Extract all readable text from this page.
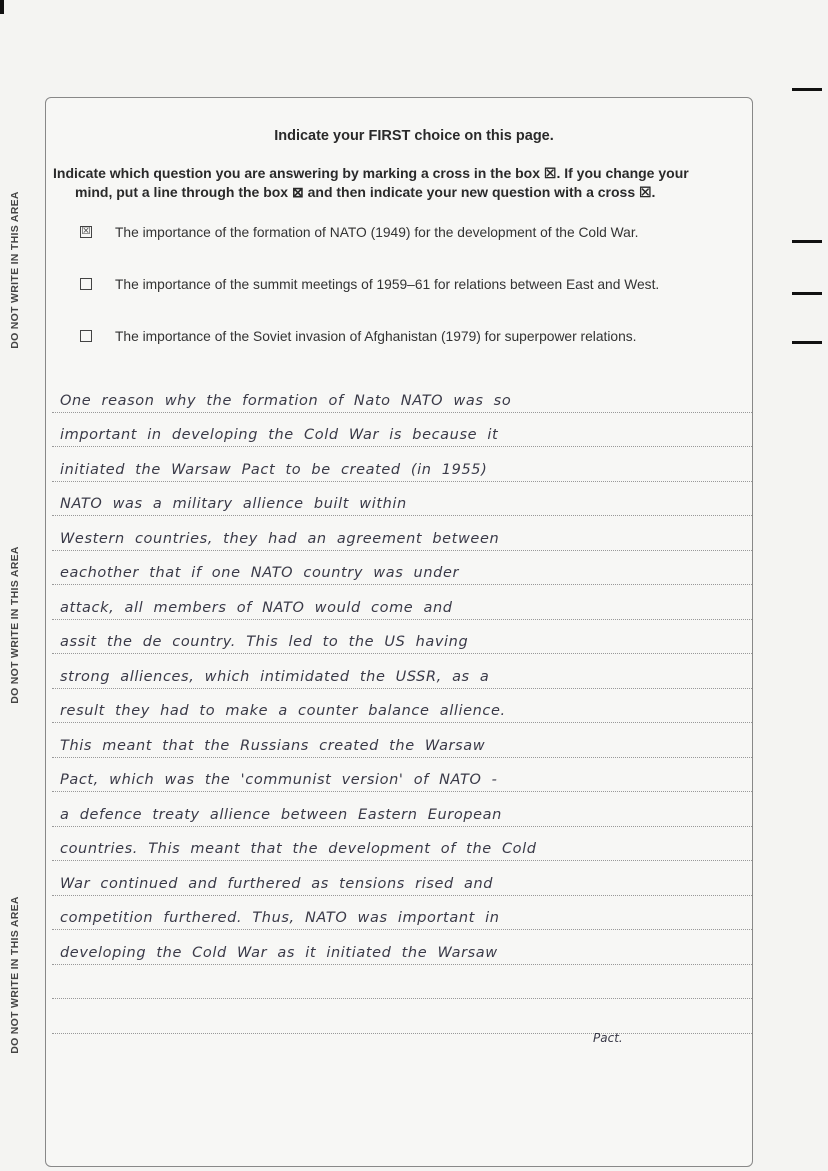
DO NOT WRITE IN THIS AREA
DO NOT WRITE IN THIS AREA
DO NOT WRITE IN THIS AREA
Indicate your FIRST choice on this page.
Indicate which question you are answering by marking a cross in the box ☒. If you change your
mind, put a line through the box ⊠ and then indicate your new question with a cross ☒.
☒ The importance of the formation of NATO (1949) for the development of the Cold War.
The importance of the summit meetings of 1959–61 for relations between East and West.
The importance of the Soviet invasion of Afghanistan (1979) for superpower relations.
One reason why the formation of Nato NATO was so
important in developing the Cold War is because it
initiated the Warsaw Pact to be created (in 1955)
NATO was a military allience built within
Western countries, they had an agreement between
eachother that if one NATO country was under
attack, all members of NATO would come and
assit the de country. This led to the US having
strong alliences, which intimidated the USSR, as a
result they had to make a counter balance allience.
This meant that the Russians created the Warsaw
Pact, which was the 'communist version' of NATO -
a defence treaty allience between Eastern European
countries. This meant that the development of the Cold
War continued and furthered as tensions rised and
competition furthered. Thus, NATO was important in
developing the Cold War as it initiated the Warsaw
Pact.
